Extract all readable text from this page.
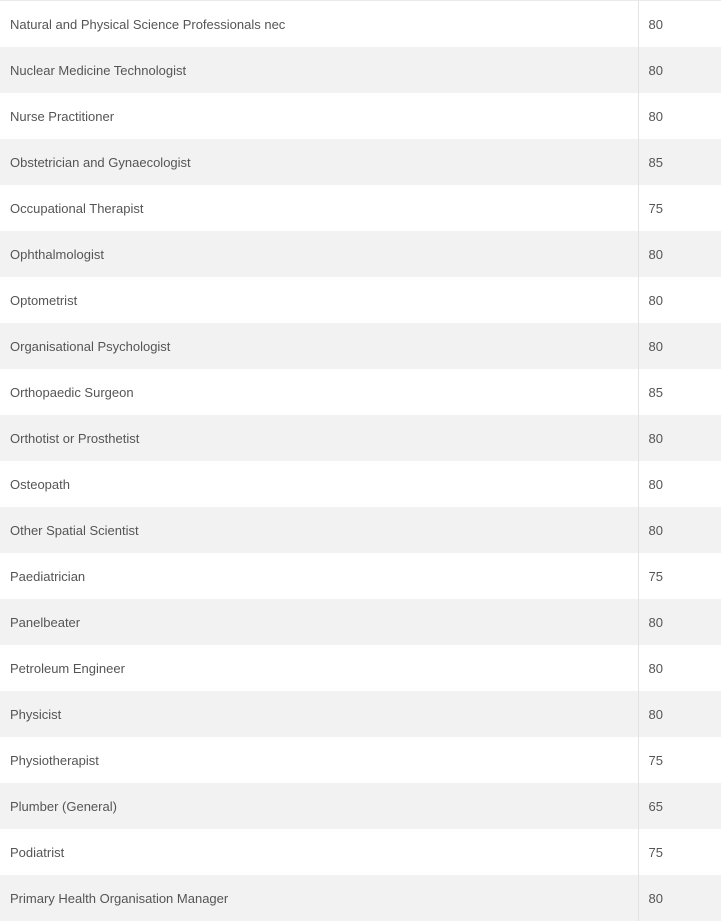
Natural and Physical Science Professionals nec	80
Nuclear Medicine Technologist	80
Nurse Practitioner	80
Obstetrician and Gynaecologist	85
Occupational Therapist	75
Ophthalmologist	80
Optometrist	80
Organisational Psychologist	80
Orthopaedic Surgeon	85
Orthotist or Prosthetist	80
Osteopath	80
Other Spatial Scientist	80
Paediatrician	75
Panelbeater	80
Petroleum Engineer	80
Physicist	80
Physiotherapist	75
Plumber (General)	65
Podiatrist	75
Primary Health Organisation Manager	80
